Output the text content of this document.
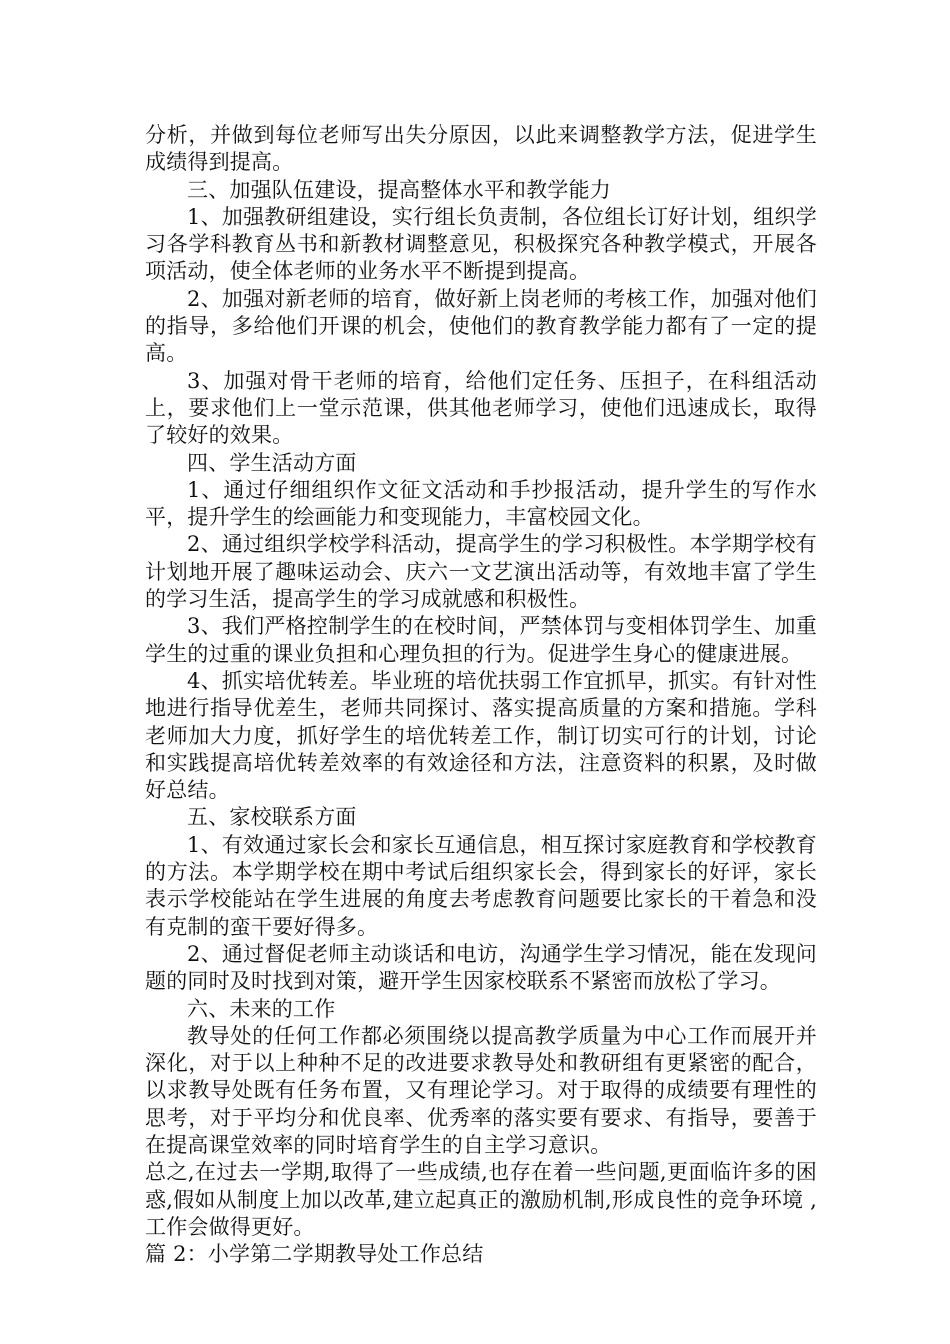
分析，并做到每位老师写出失分原因，以此来调整教学方法，促进学生成绩得到提高。

三、加强队伍建设，提高整体水平和教学能力

1、加强教研组建设，实行组长负责制，各位组长订好计划，组织学习各学科教育丛书和新教材调整意见，积极探究各种教学模式，开展各项活动，使全体老师的业务水平不断提到提高。

2、加强对新老师的培育，做好新上岗老师的考核工作，加强对他们的指导，多给他们开课的机会，使他们的教育教学能力都有了一定的提高。

3、加强对骨干老师的培育，给他们定任务、压担子，在科组活动上，要求他们上一堂示范课，供其他老师学习，使他们迅速成长，取得了较好的效果。

四、学生活动方面

1、通过仔细组织作文征文活动和手抄报活动，提升学生的写作水平，提升学生的绘画能力和变现能力，丰富校园文化。

2、通过组织学校学科活动，提高学生的学习积极性。本学期学校有计划地开展了趣味运动会、庆六一文艺演出活动等，有效地丰富了学生的学习生活，提高学生的学习成就感和积极性。

3、我们严格控制学生的在校时间，严禁体罚与变相体罚学生、加重学生的过重的课业负担和心理负担的行为。促进学生身心的健康进展。

4、抓实培优转差。毕业班的培优扶弱工作宜抓早，抓实。有针对性地进行指导优差生，老师共同探讨、落实提高质量的方案和措施。学科老师加大力度，抓好学生的培优转差工作，制订切实可行的计划，讨论和实践提高培优转差效率的有效途径和方法，注意资料的积累，及时做好总结。

五、家校联系方面

1、有效通过家长会和家长互通信息，相互探讨家庭教育和学校教育的方法。本学期学校在期中考试后组织家长会，得到家长的好评，家长表示学校能站在学生进展的角度去考虑教育问题要比家长的干着急和没有克制的蛮干要好得多。

2、通过督促老师主动谈话和电访，沟通学生学习情况，能在发现问题的同时及时找到对策，避开学生因家校联系不紧密而放松了学习。

六、未来的工作

教导处的任何工作都必须围绕以提高教学质量为中心工作而展开并深化，对于以上种种不足的改进要求教导处和教研组有更紧密的配合，以求教导处既有任务布置，又有理论学习。对于取得的成绩要有理性的思考，对于平均分和优良率、优秀率的落实要有要求、有指导，要善于在提高课堂效率的同时培育学生的自主学习意识。

总之,在过去一学期,取得了一些成绩,也存在着一些问题,更面临许多的困惑,假如从制度上加以改革,建立起真正的激励机制,形成良性的竞争环境 ,工作会做得更好。

篇 2：小学第二学期教导处工作总结
